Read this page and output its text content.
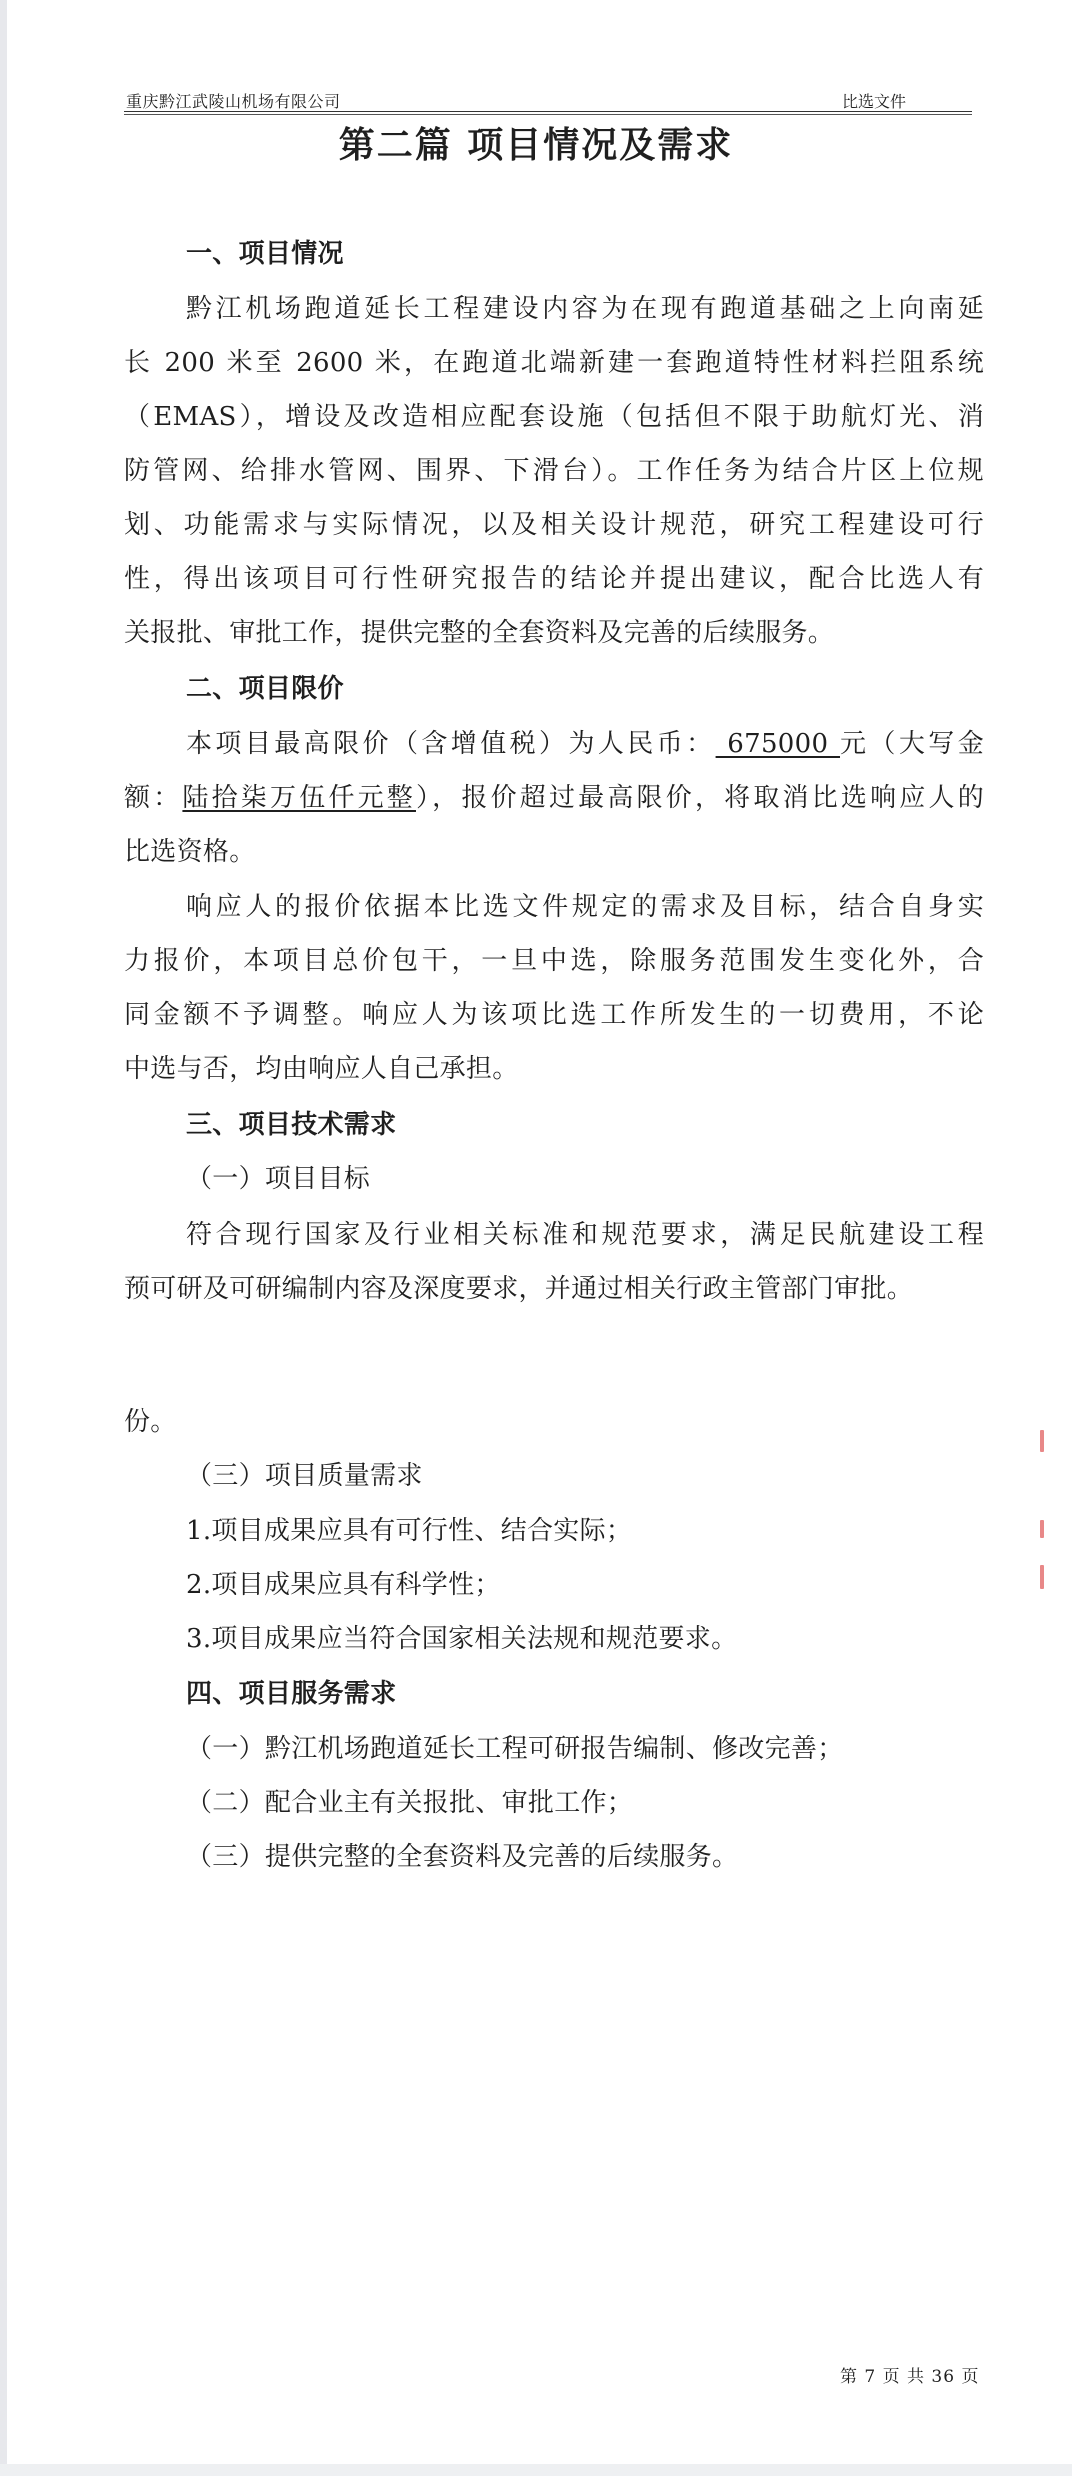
重庆黔江武陵山机场有限公司	比选文件
第二篇 项目情况及需求
一、项目情况
黔江机场跑道延长工程建设内容为在现有跑道基础之上向南延
长 200 米至 2600 米，在跑道北端新建一套跑道特性材料拦阻系统
（EMAS），增设及改造相应配套设施（包括但不限于助航灯光、消
防管网、给排水管网、围界、下滑台）。工作任务为结合片区上位规
划、功能需求与实际情况，以及相关设计规范，研究工程建设可行
性，得出该项目可行性研究报告的结论并提出建议，配合比选人有
关报批、审批工作，提供完整的全套资料及完善的后续服务。
二、项目限价
本项目最高限价（含增值税）为人民币： 675000 元（大写金
额：陆拾柒万伍仟元整），报价超过最高限价，将取消比选响应人的
比选资格。
响应人的报价依据本比选文件规定的需求及目标，结合自身实
力报价，本项目总价包干，一旦中选，除服务范围发生变化外，合
同金额不予调整。响应人为该项比选工作所发生的一切费用，不论
中选与否，均由响应人自己承担。
三、项目技术需求
（一）项目目标
符合现行国家及行业相关标准和规范要求，满足民航建设工程
预可研及可研编制内容及深度要求，并通过相关行政主管部门审批。
份。
（三）项目质量需求
1.项目成果应具有可行性、结合实际；
2.项目成果应具有科学性；
3.项目成果应当符合国家相关法规和规范要求。
四、项目服务需求
（一）黔江机场跑道延长工程可研报告编制、修改完善；
（二）配合业主有关报批、审批工作；
（三）提供完整的全套资料及完善的后续服务。
第 7 页 共 36 页
